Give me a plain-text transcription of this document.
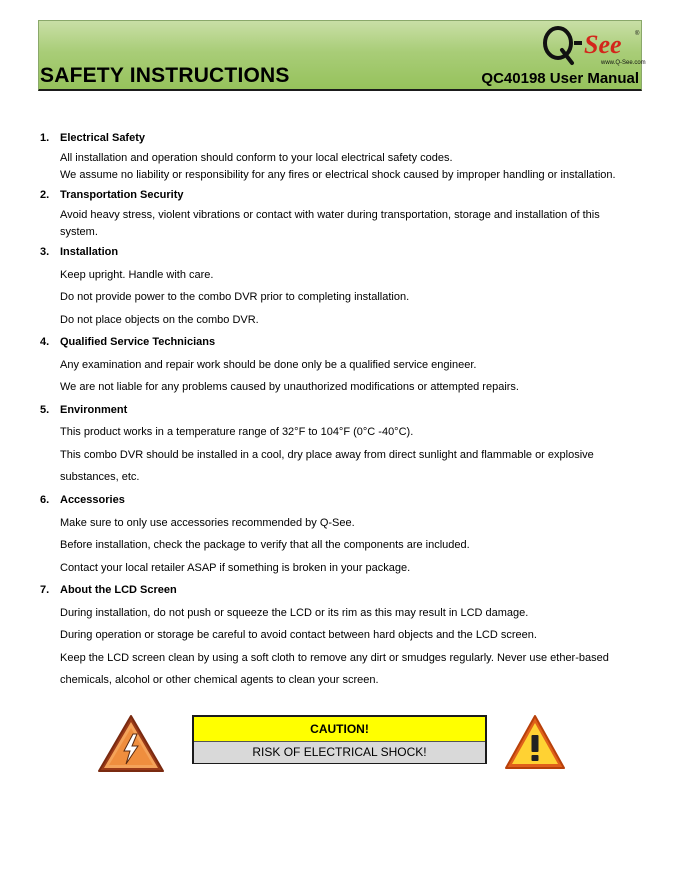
See ®
www.Q-See.com
SAFETY INSTRUCTIONS	QC40198 User Manual
1. Electrical Safety
All installation and operation should conform to your local electrical safety codes.
We assume no liability or responsibility for any fires or electrical shock caused by improper handling or installation.
2. Transportation Security
Avoid heavy stress, violent vibrations or contact with water during transportation, storage and installation of this
system.
3. Installation
Keep upright. Handle with care.
Do not provide power to the combo DVR prior to completing installation.
Do not place objects on the combo DVR.
4. Qualified Service Technicians
Any examination and repair work should be done only be a qualified service engineer.
We are not liable for any problems caused by unauthorized modifications or attempted repairs.
5. Environment
This product works in a temperature range of 32°F to 104°F (0°C -40°C).
This combo DVR should be installed in a cool, dry place away from direct sunlight and flammable or explosive
substances, etc.
6. Accessories
Make sure to only use accessories recommended by Q-See.
Before installation, check the package to verify that all the components are included.
Contact your local retailer ASAP if something is broken in your package.
7. About the LCD Screen
During installation, do not push or squeeze the LCD or its rim as this may result in LCD damage.
During operation or storage be careful to avoid contact between hard objects and the LCD screen.
Keep the LCD screen clean by using a soft cloth to remove any dirt or smudges regularly. Never use ether-based
chemicals, alcohol or other chemical agents to clean your screen.
CAUTION!
RISK OF ELECTRICAL SHOCK!
